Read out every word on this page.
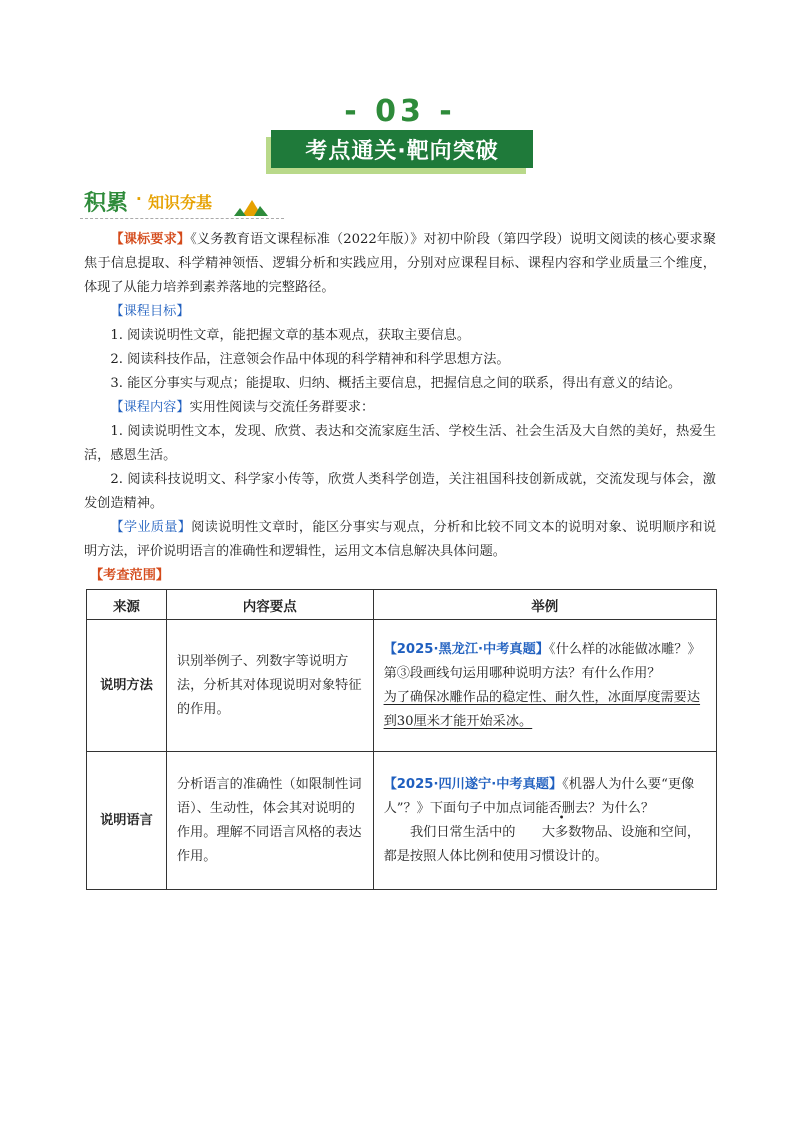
- 03 -
考点通关·靶向突破
积累 · 知识夯基
【课标要求】《义务教育语文课程标准（2022年版）》对初中阶段（第四学段）说明文阅读的核心要求聚焦于信息提取、科学精神领悟、逻辑分析和实践应用，分别对应课程目标、课程内容和学业质量三个维度，体现了从能力培养到素养落地的完整路径。
【课程目标】
1. 阅读说明性文章，能把握文章的基本观点，获取主要信息。
2. 阅读科技作品，注意领会作品中体现的科学精神和科学思想方法。
3. 能区分事实与观点；能提取、归纳、概括主要信息，把握信息之间的联系，得出有意义的结论。
【课程内容】实用性阅读与交流任务群要求：
1. 阅读说明性文本，发现、欣赏、表达和交流家庭生活、学校生活、社会生活及大自然的美好，热爱生活，感恩生活。
2. 阅读科技说明文、科学家小传等，欣赏人类科学创造，关注祖国科技创新成就，交流发现与体会，激发创造精神。
【学业质量】阅读说明性文章时，能区分事实与观点，分析和比较不同文本的说明对象、说明顺序和说明方法，评价说明语言的准确性和逻辑性，运用文本信息解决具体问题。
【考查范围】
来源	内容要点	举例
说明方法	识别举例子、列数字等说明方法，分析其对体现说明对象特征的作用。	【2025·黑龙江·中考真题】《什么样的冰能做冰雕？》第③段画线句运用哪种说明方法？有什么作用？
为了确保冰雕作品的稳定性、耐久性，冰面厚度需要达到30厘米才能开始采冰。
说明语言	分析语言的准确性（如限制性词语）、生动性，体会其对说明的作用。理解不同语言风格的表达作用。	【2025·四川遂宁·中考真题】《机器人为什么要“更像人”？》下面句子中加点词能否删去？为什么？
我们日常生活中的 大多数物品、设施和空间，都是按照人体比例和使用习惯设计的。
